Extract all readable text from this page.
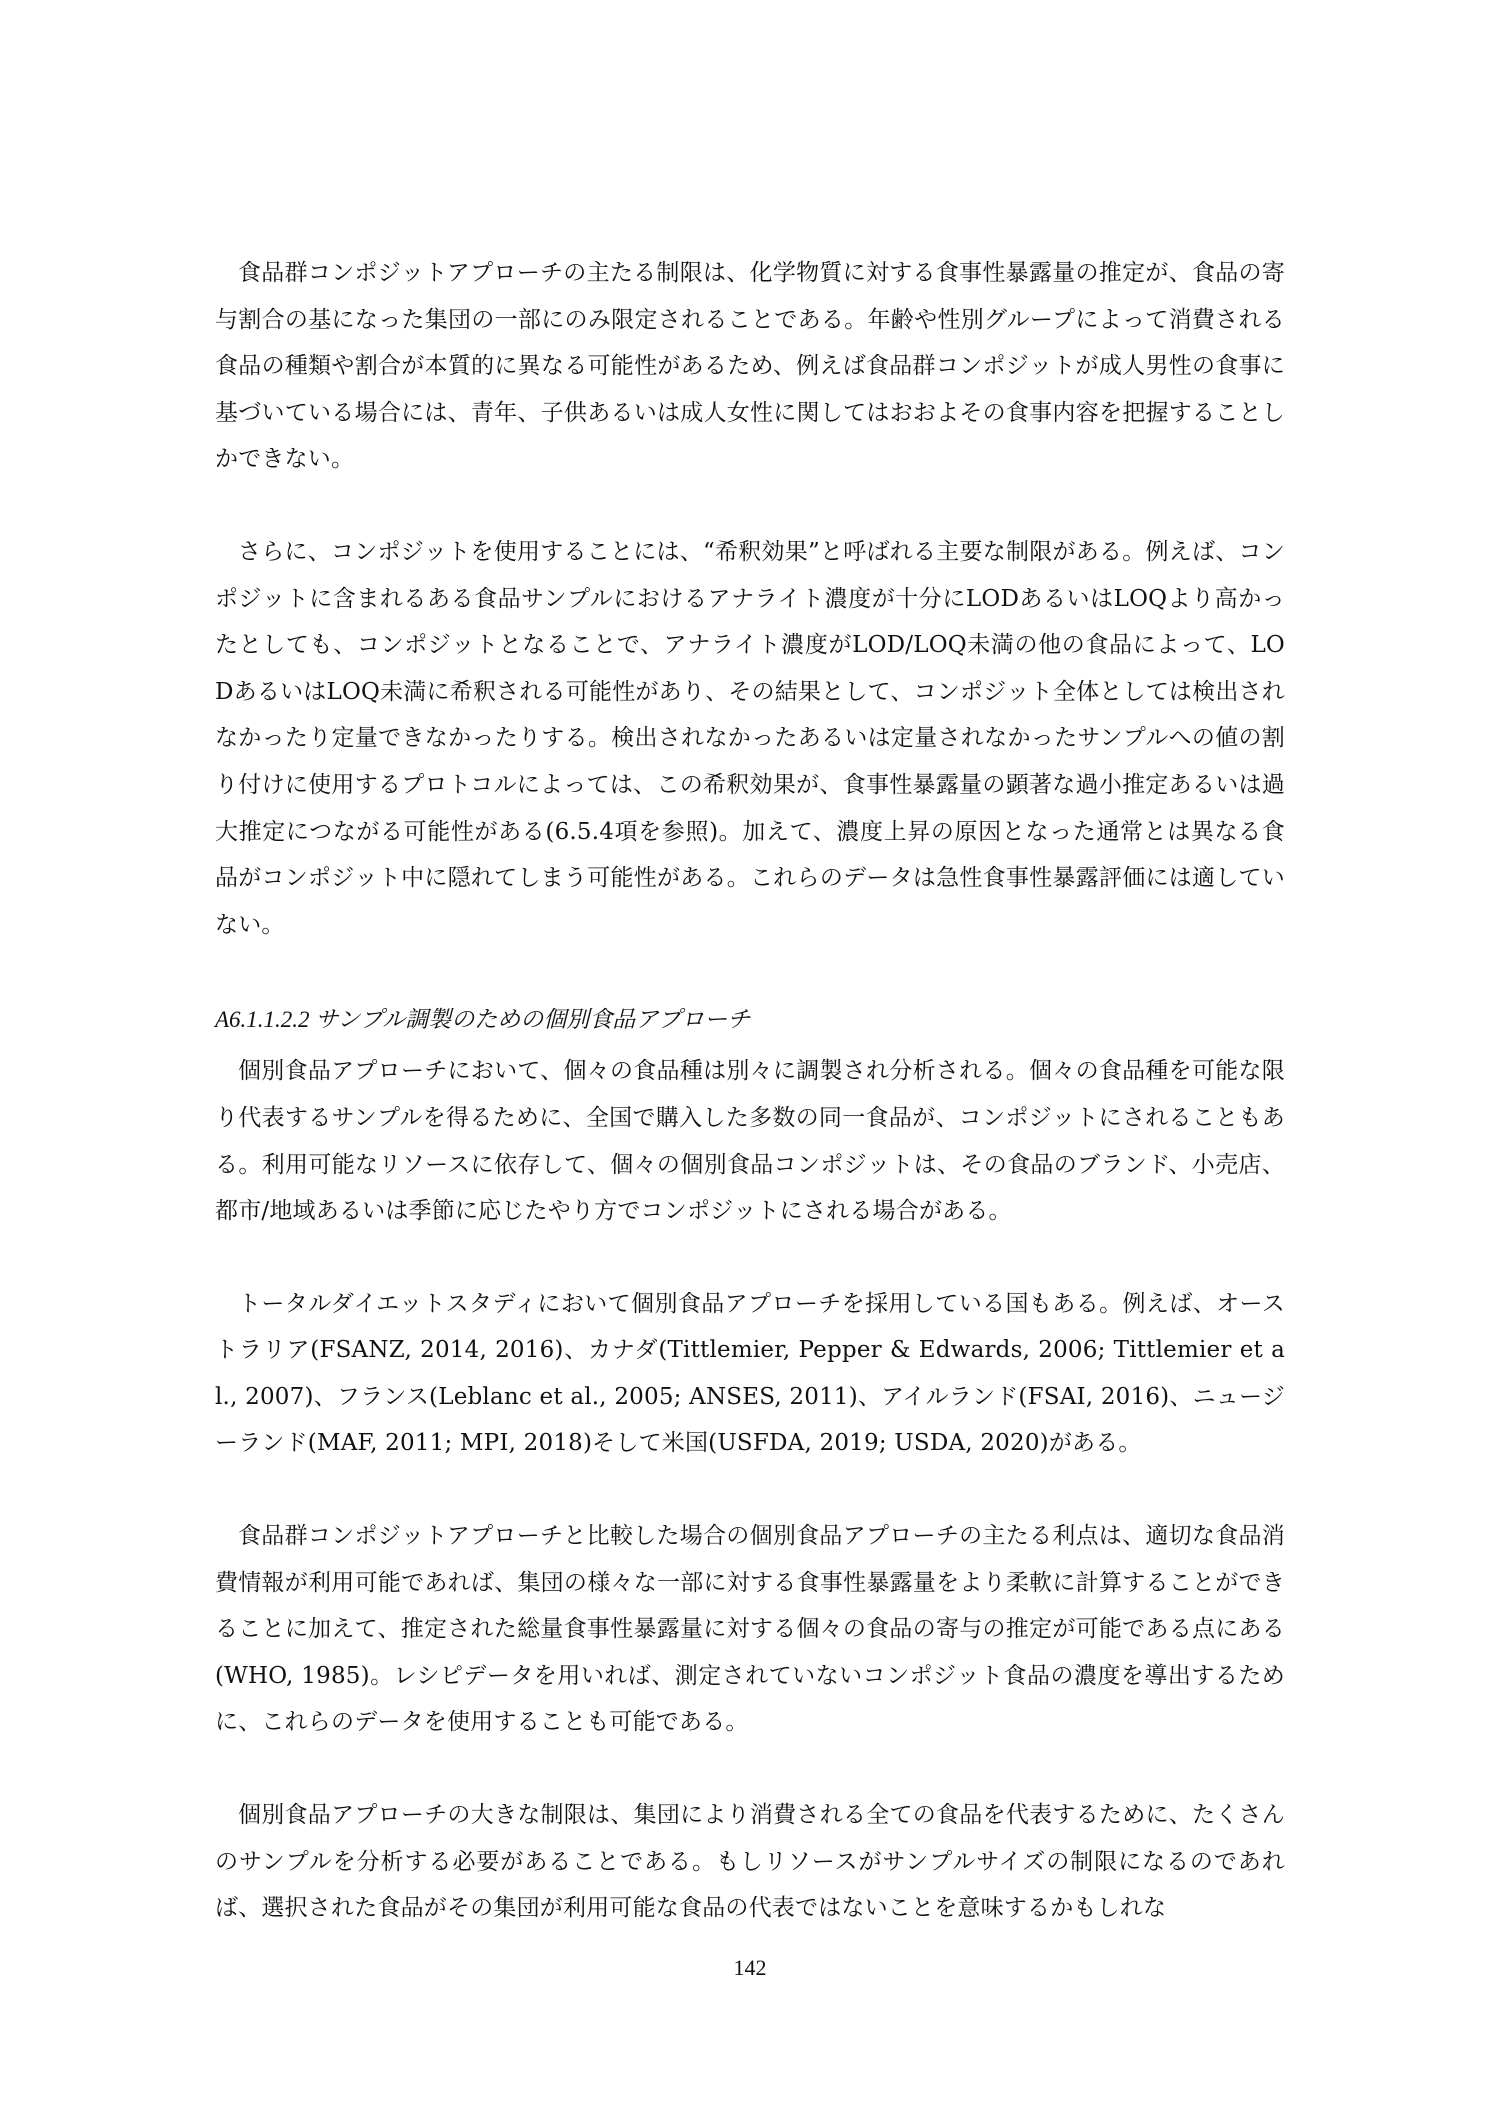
食品群コンポジットアプローチの主たる制限は、化学物質に対する食事性暴露量の推定が、食品の寄与割合の基になった集団の一部にのみ限定されることである。年齢や性別グループによって消費される食品の種類や割合が本質的に異なる可能性があるため、例えば食品群コンポジットが成人男性の食事に基づいている場合には、青年、子供あるいは成人女性に関してはおおよその食事内容を把握することしかできない。

さらに、コンポジットを使用することには、“希釈効果”と呼ばれる主要な制限がある。例えば、コンポジットに含まれるある食品サンプルにおけるアナライト濃度が十分にLODあるいはLOQより高かったとしても、コンポジットとなることで、アナライト濃度がLOD/LOQ未満の他の食品によって、LODあるいはLOQ未満に希釈される可能性があり、その結果として、コンポジット全体としては検出されなかったり定量できなかったりする。検出されなかったあるいは定量されなかったサンプルへの値の割り付けに使用するプロトコルによっては、この希釈効果が、食事性暴露量の顕著な過小推定あるいは過大推定につながる可能性がある(6.5.4項を参照)。加えて、濃度上昇の原因となった通常とは異なる食品がコンポジット中に隠れてしまう可能性がある。これらのデータは急性食事性暴露評価には適していない。

A6.1.1.2.2 サンプル調製のための個別食品アプローチ

個別食品アプローチにおいて、個々の食品種は別々に調製され分析される。個々の食品種を可能な限り代表するサンプルを得るために、全国で購入した多数の同一食品が、コンポジットにされることもある。利用可能なリソースに依存して、個々の個別食品コンポジットは、その食品のブランド、小売店、都市/地域あるいは季節に応じたやり方でコンポジットにされる場合がある。

トータルダイエットスタディにおいて個別食品アプローチを採用している国もある。例えば、オーストラリア(FSANZ, 2014, 2016)、カナダ(Tittlemier, Pepper & Edwards, 2006; Tittlemier et al., 2007)、フランス(Leblanc et al., 2005; ANSES, 2011)、アイルランド(FSAI, 2016)、ニュージーランド(MAF, 2011; MPI, 2018)そして米国(USFDA, 2019; USDA, 2020)がある。

食品群コンポジットアプローチと比較した場合の個別食品アプローチの主たる利点は、適切な食品消費情報が利用可能であれば、集団の様々な一部に対する食事性暴露量をより柔軟に計算することができることに加えて、推定された総量食事性暴露量に対する個々の食品の寄与の推定が可能である点にある(WHO, 1985)。レシピデータを用いれば、測定されていないコンポジット食品の濃度を導出するために、これらのデータを使用することも可能である。

個別食品アプローチの大きな制限は、集団により消費される全ての食品を代表するために、たくさんのサンプルを分析する必要があることである。もしリソースがサンプルサイズの制限になるのであれば、選択された食品がその集団が利用可能な食品の代表ではないことを意味するかもしれな

142
